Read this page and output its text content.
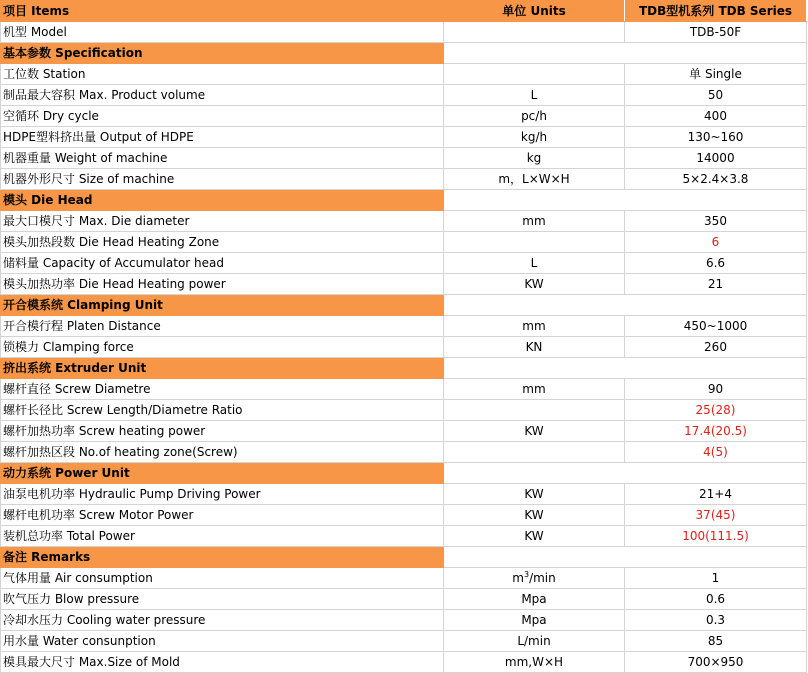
项目 Items	单位 Units	TDB型机系列 TDB Series
机型 Model		TDB-50F
基本参数 Specification		
工位数 Station		单 Single
制品最大容积 Max. Product volume	L	50
空循环 Dry cycle	pc/h	400
HDPE塑料挤出量 Output of HDPE	kg/h	130~160
机器重量 Weight of machine	kg	14000
机器外形尺寸 Size of machine	m，L×W×H	5×2.4×3.8
模头 Die Head		
最大口模尺寸 Max. Die diameter	mm	350
模头加热段数 Die Head Heating Zone		6
储料量 Capacity of Accumulator head	L	6.6
模头加热功率 Die Head Heating power	KW	21
开合模系统 Clamping Unit		
开合模行程 Platen Distance	mm	450~1000
锁模力 Clamping force	KN	260
挤出系统 Extruder Unit		
螺杆直径 Screw Diametre	mm	90
螺杆长径比 Screw Length/Diametre Ratio		25(28)
螺杆加热功率 Screw heating power	KW	17.4(20.5)
螺杆加热区段 No.of heating zone(Screw)		4(5)
动力系统 Power Unit		
油泵电机功率 Hydraulic Pump Driving Power	KW	21+4
螺杆电机功率 Screw Motor Power	KW	37(45)
装机总功率 Total Power	KW	100(111.5)
备注 Remarks		
气体用量 Air consumption	$m^3/\min$	1
吹气压力 Blow pressure	Mpa	0.6
冷却水压力 Cooling water pressure	Mpa	0.3
用水量 Water consunption	L/min	85
模具最大尺寸 Max.Size of Mold	mm,W×H	700×950
